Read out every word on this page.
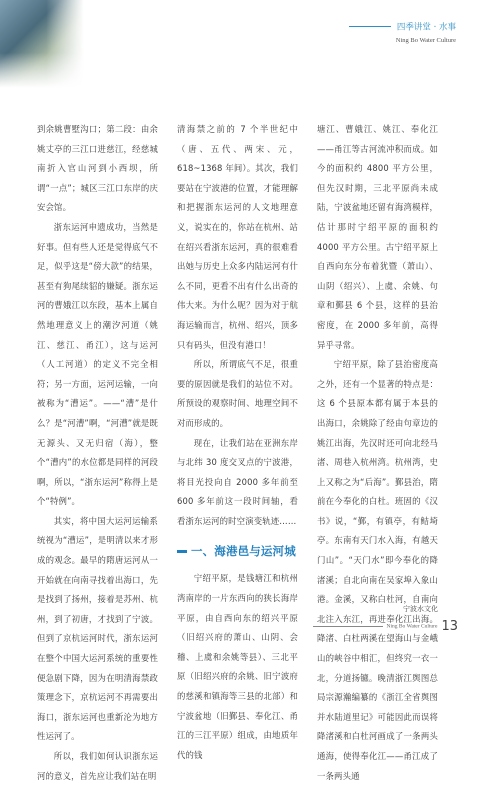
四季讲堂 · 水事
Ning Bo Water Culture

到余姚曹墅沟口；第二段：由余姚丈亭的三江口进慈江，经慈城南折入官山河到小西坝，所谓“一点”；城区三江口东岸的庆安会馆。

浙东运河申遗成功，当然是好事。但有些人还是觉得底气不足，似乎这是“傍大款”的结果，甚至有狗尾续貂的嫌疑。浙东运河的曹娥江以东段，基本上属自然地理意义上的潮汐河道（姚江、慈江、甬江），这与运河（人工河道）的定义不完全相符；另一方面，运河运输，一向被称为“漕运”。——“漕”是什么？是“河漕”啊，“河漕”就是既无源头、又无归宿（海），整个“漕内”的水位都是同样的河段啊，所以，“浙东运河”称得上是个“特例”。

其实，将中国大运河运输系统视为“漕运”，是明清以来才形成的观念。最早的隋唐运河从一开始就在向南寻找着出海口，先是找到了扬州，接着是苏州、杭州，到了初唐，才找到了宁波。但到了京杭运河时代，浙东运河在整个中国大运河系统的重要性便急剧下降，因为在明清海禁政策理念下，京杭运河不再需要出海口，浙东运河也重新沦为地方性运河了。

所以，我们如何认识浙东运河的意义，首先应让我们站在明

清海禁之前的 7 个半世纪中（唐、五代、两宋、元，618~1368 年间）。其次，我们要站在宁波港的位置，才能理解和把握浙东运河的人文地理意义，说实在的，你站在杭州、站在绍兴看浙东运河，真的很难看出她与历史上众多内陆运河有什么不同，更看不出有什么出奇的伟大来。为什么呢？因为对于航海运输而言，杭州、绍兴，顶多只有码头，但没有港口！

所以，所谓底气不足，很重要的原因就是我们的站位不对。所预设的观察时间、地理空间不对而形成的。

现在，让我们站在亚洲东岸与北纬 30 度交叉点的宁波港，将目光投向自 2000 多年前至 600 多年前这一段时间轴，看看浙东运河的时空演变轨迹……

一、海港邑与运河城

宁绍平原，是钱塘江和杭州湾南岸的一片东西向的狭长海岸平原，由自西向东的绍兴平原（旧绍兴府的萧山、山阴、会稽、上虞和余姚等县）、三北平原（旧绍兴府的余姚、旧宁波府的慈溪和镇海等三县的北部）和宁波盆地（旧鄞县、奉化江、甬江的三江平原）组成，由地质年代的钱

塘江、曹娥江、姚江、奉化江——甬江等古河流冲积而成。如今的面积约 4800 平方公里，但先汉时期，三北平原尚未成陆，宁波盆地还留有海湾模样，估计那时宁绍平原的面积约 4000 平方公里。古宁绍平原上自西向东分布着犹暨（萧山）、山阴（绍兴）、上虞、余姚、句章和鄞县 6 个县，这样的县治密度，在 2000 多年前，高得异乎寻常。

宁绍平原，除了县治密度高之外，还有一个显著的特点是：这 6 个县原本都有属于本县的出海口，余姚除了经由句章边的姚江出海，先汉时还可向北经马渚、周巷入杭州湾。杭州湾，史上又称之为“后海”。鄞县治，隋前在今奉化的白杜。班固的《汉书》说，“鄞，有镇亭，有鲒埼亭。东南有天门水入海，有越天门山”。“天门水”即今奉化的降渚溪；自北向南在吴家埠入象山港。金溪，又称白杜河，自南向北注入东江，再进奉化江出海。降渚、白杜两溪在望海山与金峨山的峡谷中相汇，但终究一衣一北，分道扬镳。晚清浙江舆图总局宗源瀚编纂的《浙江全省舆图并水陆道里记》可能因此而误将降渚溪和白杜河画成了一条两头通海，使得奉化江——甬江成了一条两头通

宁波水文化
Ning Bo Water Culture 13
